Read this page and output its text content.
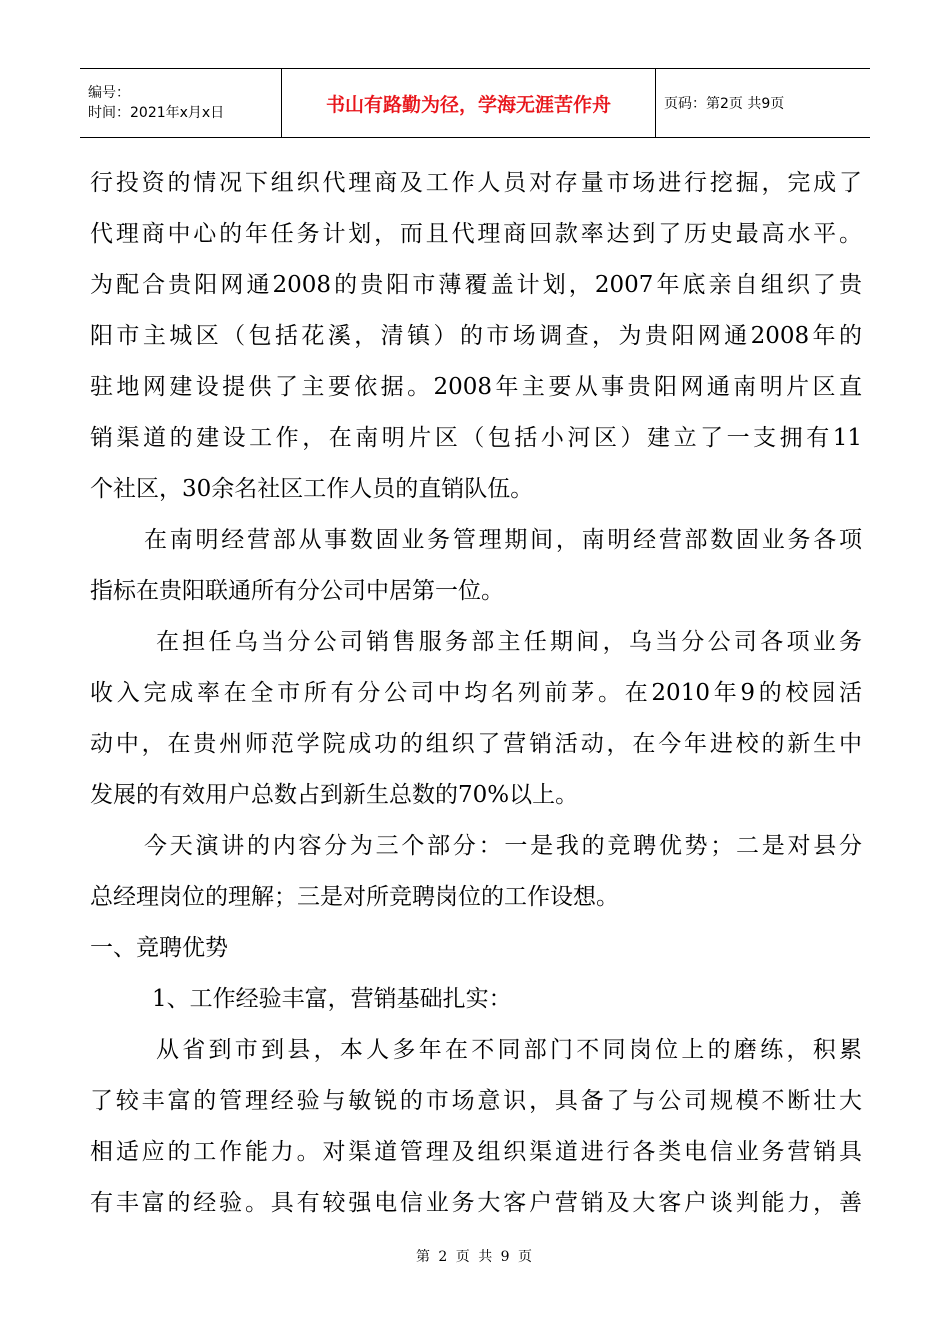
编号：
时间：2021年x月x日	书山有路勤为径，学海无涯苦作舟	页码：第2页 共9页
行投资的情况下组织代理商及工作人员对存量市场进行挖掘，完成了
代理商中心的年任务计划，而且代理商回款率达到了历史最高水平。
为配合贵阳网通2008的贵阳市薄覆盖计划，2007年底亲自组织了贵
阳市主城区（包括花溪，清镇）的市场调查，为贵阳网通2008年的
驻地网建设提供了主要依据。2008年主要从事贵阳网通南明片区直
销渠道的建设工作，在南明片区（包括小河区）建立了一支拥有11
个社区，30余名社区工作人员的直销队伍。
在南明经营部从事数固业务管理期间，南明经营部数固业务各项
指标在贵阳联通所有分公司中居第一位。
在担任乌当分公司销售服务部主任期间，乌当分公司各项业务
收入完成率在全市所有分公司中均名列前茅。在2010年9的校园活
动中，在贵州师范学院成功的组织了营销活动，在今年进校的新生中
发展的有效用户总数占到新生总数的70%以上。
今天演讲的内容分为三个部分：一是我的竞聘优势；二是对县分
总经理岗位的理解；三是对所竞聘岗位的工作设想。
一、竞聘优势
1、工作经验丰富，营销基础扎实：
从省到市到县，本人多年在不同部门不同岗位上的磨练，积累
了较丰富的管理经验与敏锐的市场意识，具备了与公司规模不断壮大
相适应的工作能力。对渠道管理及组织渠道进行各类电信业务营销具
有丰富的经验。具有较强电信业务大客户营销及大客户谈判能力，善
第 2 页 共 9 页
